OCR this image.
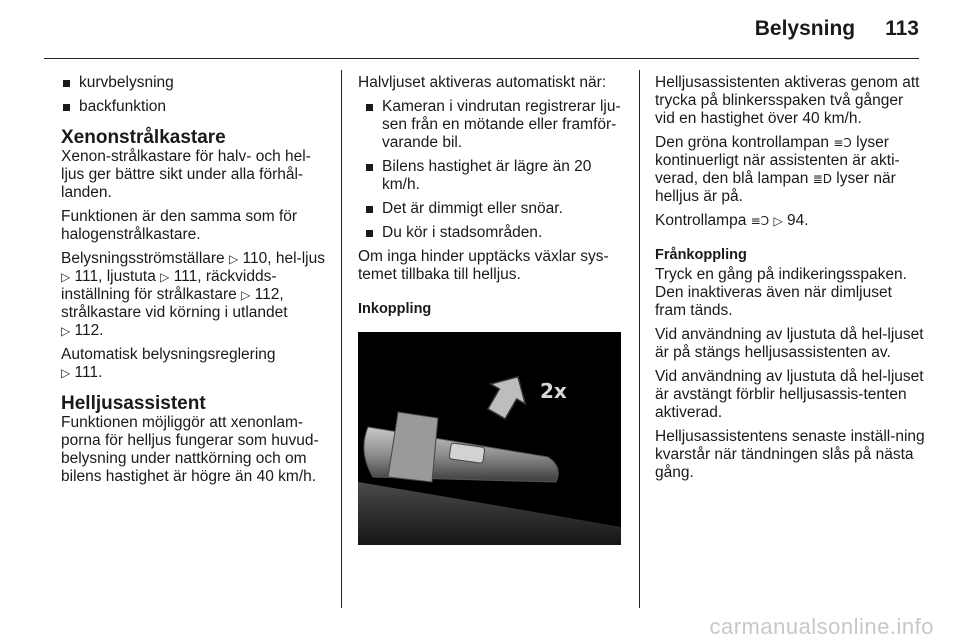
Belysning 113
kurvbelysning
backfunktion
Xenonstrålkastare

Xenon-strålkastare för halv- och hel-ljus ger bättre sikt under alla förhål-landen.

Funktionen är den samma som för halogenstrålkastare.

Belysningsströmställare ▷ 110, hel-ljus ▷ 111, ljustuta ▷ 111, räckvidds-inställning för strålkastare ▷ 112, strålkastare vid körning i utlandet
▷ 112.

Automatisk belysningsreglering
▷ 111.

Helljusassistent

Funktionen möjliggör att xenonlam-porna för helljus fungerar som huvud-belysning under nattkörning och om bilens hastighet är högre än 40 km/h.

Halvljuset aktiveras automatiskt när:

Kameran i vindrutan registrerar lju-sen från en mötande eller framför-varande bil.
Bilens hastighet är lägre än 20 km/h.
Det är dimmigt eller snöar.
Du kör i stadsområden.

Om inga hinder upptäcks växlar sys-temet tillbaka till helljus.

Inkoppling
2x

Helljusassistenten aktiveras genom att trycka på blinkersspaken två gånger vid en hastighet över 40 km/h.

Den gröna kontrollampan ≡Ↄ lyser kontinuerligt när assistenten är akti-verad, den blå lampan ≣D lyser när helljus är på.

Kontrollampa ≡Ↄ ▷ 94.

Frånkoppling

Tryck en gång på indikeringsspaken. Den inaktiveras även när dimljuset fram tänds.

Vid användning av ljustuta då hel-ljuset är på stängs helljusassistenten av.

Vid användning av ljustuta då hel-ljuset är avstängt förblir helljusassis-tenten aktiverad.

Helljusassistentens senaste inställ-ning kvarstår när tändningen slås på nästa gång.

carmanualsonline.info
